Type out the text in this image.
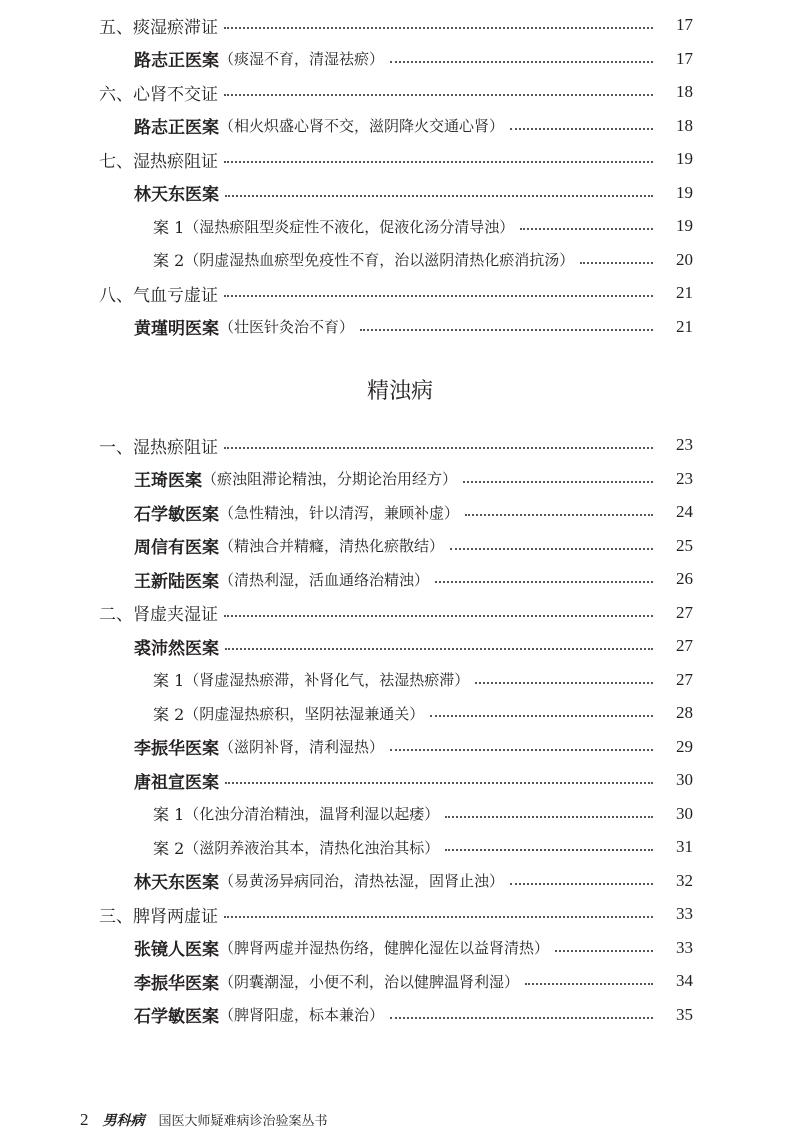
五、痰湿瘀滞证	17
路志正医案 （痰湿不育，清湿祛瘀）	17
六、心肾不交证	18
路志正医案 （相火炽盛心肾不交，滋阴降火交通心肾）	18
七、湿热瘀阻证	19
林天东医案	19
案 1 （湿热瘀阻型炎症性不液化，促液化汤分清导浊）	19
案 2 （阴虚湿热血瘀型免疫性不育，治以滋阴清热化瘀消抗汤）	20
八、气血亏虚证	21
黄瑾明医案 （壮医针灸治不育）	21
精浊病
一、湿热瘀阻证	23
王琦医案 （瘀浊阻滞论精浊，分期论治用经方）	23
石学敏医案 （急性精浊，针以清泻，兼顾补虚）	24
周信有医案 （精浊合并精癃，清热化瘀散结）	25
王新陆医案 （清热利湿，活血通络治精浊）	26
二、肾虚夹湿证	27
裘沛然医案	27
案 1 （肾虚湿热瘀滞，补肾化气，祛湿热瘀滞）	27
案 2 （阴虚湿热瘀积，坚阴祛湿兼通关）	28
李振华医案 （滋阴补肾，清利湿热）	29
唐祖宣医案	30
案 1 （化浊分清治精浊，温肾利湿以起痿）	30
案 2 （滋阴养液治其本，清热化浊治其标）	31
林天东医案 （易黄汤异病同治，清热祛湿，固肾止浊）	32
三、脾肾两虚证	33
张镜人医案 （脾肾两虚并湿热伤络，健脾化湿佐以益肾清热）	33
李振华医案 （阴囊潮湿，小便不利，治以健脾温肾利湿）	34
石学敏医案 （脾肾阳虚，标本兼治）	35
2 男科病 国医大师疑难病诊治验案丛书
